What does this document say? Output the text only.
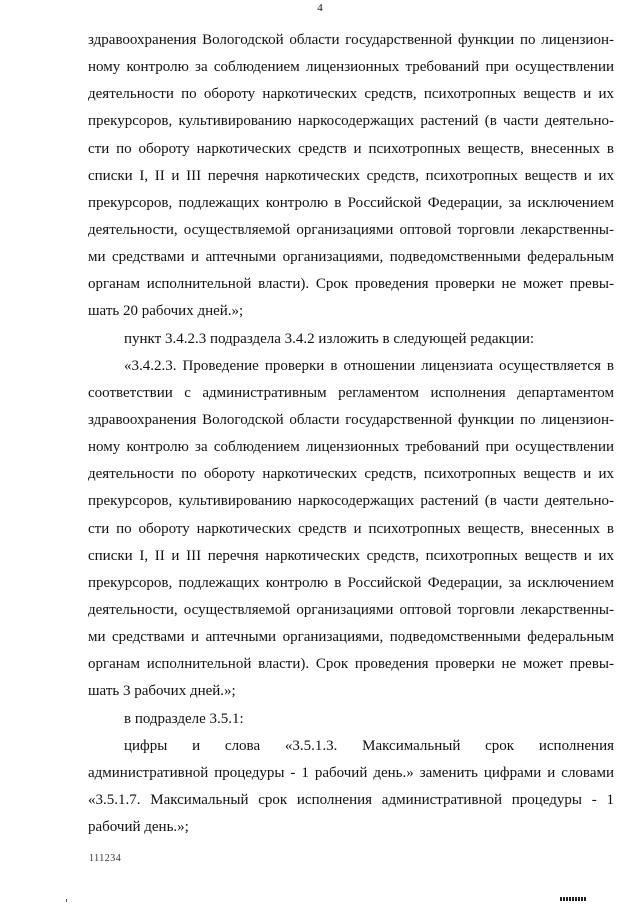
4
здравоохранения Вологодской области государственной функции по лицензион-
ному контролю за соблюдением лицензионных требований при осуществлении
деятельности по обороту наркотических средств, психотропных веществ и их
прекурсоров, культивированию наркосодержащих растений (в части деятельно-
сти по обороту наркотических средств и психотропных веществ, внесенных в
списки I, II и III перечня наркотических средств, психотропных веществ и их
прекурсоров, подлежащих контролю в Российской Федерации, за исключением
деятельности, осуществляемой организациями оптовой торговли лекарственны-
ми средствами и аптечными организациями, подведомственными федеральным
органам исполнительной власти). Срок проведения проверки не может превы-
шать 20 рабочих дней.»;
пункт 3.4.2.3 подраздела 3.4.2 изложить в следующей редакции:
«3.4.2.3. Проведение проверки в отношении лицензиата осуществляется в
соответствии с административным регламентом исполнения департаментом
здравоохранения Вологодской области государственной функции по лицензион-
ному контролю за соблюдением лицензионных требований при осуществлении
деятельности по обороту наркотических средств, психотропных веществ и их
прекурсоров, культивированию наркосодержащих растений (в части деятельно-
сти по обороту наркотических средств и психотропных веществ, внесенных в
списки I, II и III перечня наркотических средств, психотропных веществ и их
прекурсоров, подлежащих контролю в Российской Федерации, за исключением
деятельности, осуществляемой организациями оптовой торговли лекарственны-
ми средствами и аптечными организациями, подведомственными федеральным
органам исполнительной власти). Срок проведения проверки не может превы-
шать 3 рабочих дней.»;
в подразделе 3.5.1:
цифры и слова «3.5.1.3. Максимальный срок исполнения
административной процедуры - 1 рабочий день.» заменить цифрами и словами
«3.5.1.7. Максимальный срок исполнения административной процедуры - 1
рабочий день.»;
111234
